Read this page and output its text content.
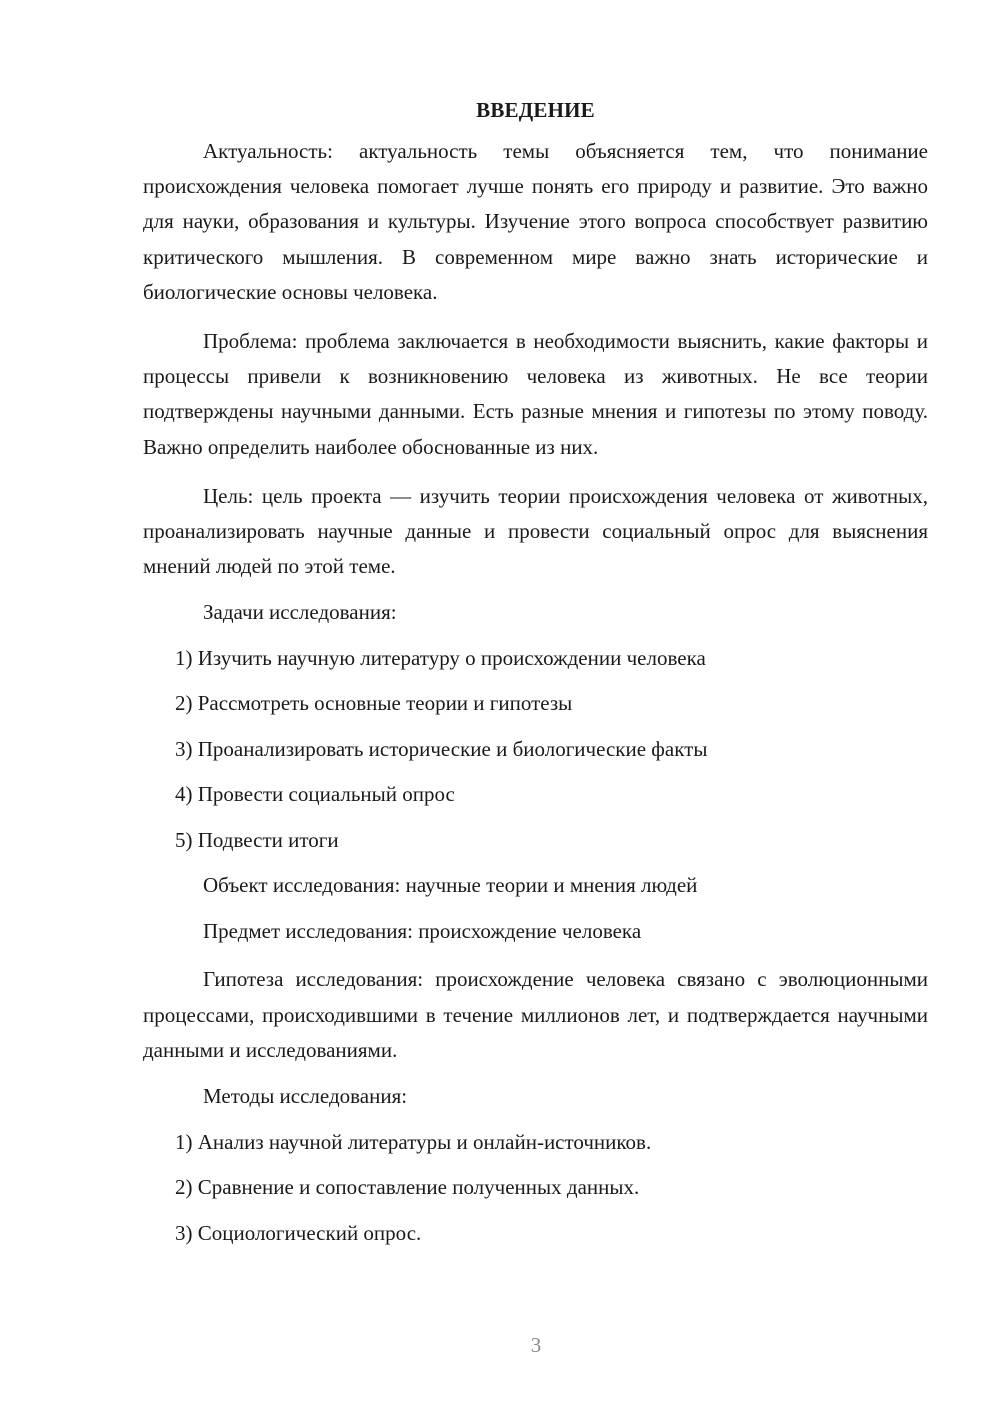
ВВЕДЕНИЕ

Актуальность: актуальность темы объясняется тем, что понимание происхождения человека помогает лучше понять его природу и развитие. Это важно для науки, образования и культуры. Изучение этого вопроса способствует развитию критического мышления. В современном мире важно знать исторические и биологические основы человека.

Проблема: проблема заключается в необходимости выяснить, какие факторы и процессы привели к возникновению человека из животных. Не все теории подтверждены научными данными. Есть разные мнения и гипотезы по этому поводу. Важно определить наиболее обоснованные из них.

Цель: цель проекта — изучить теории происхождения человека от животных, проанализировать научные данные и провести социальный опрос для выяснения мнений людей по этой теме.

Задачи исследования:
1) Изучить научную литературу о происхождении человека
2) Рассмотреть основные теории и гипотезы
3) Проанализировать исторические и биологические факты
4) Провести социальный опрос
5) Подвести итоги
Объект исследования: научные теории и мнения людей
Предмет исследования: происхождение человека

Гипотеза исследования: происхождение человека связано с эволюционными процессами, происходившими в течение миллионов лет, и подтверждается научными данными и исследованиями.

Методы исследования:
1) Анализ научной литературы и онлайн-источников.
2) Сравнение и сопоставление полученных данных.
3) Социологический опрос.
3
